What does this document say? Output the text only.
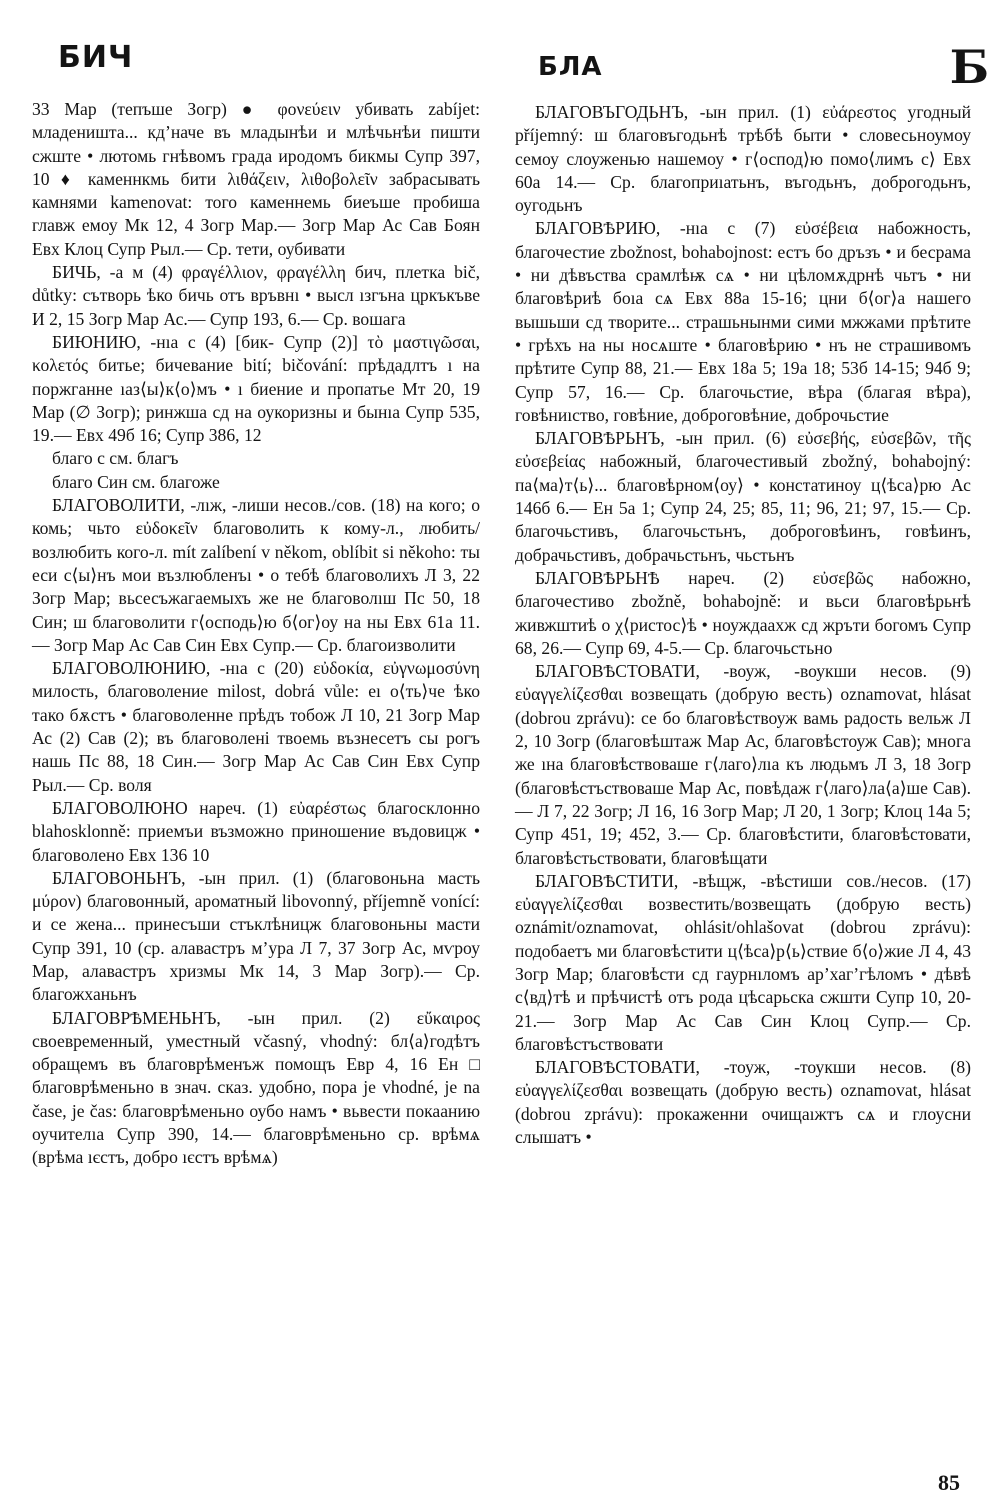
БИЧ	БЛА	Б

33 Мар (тепъше Зогр) ● φονεύειν убивать zabíjet: младеништа... кд’наче въ младынѣи и млѣчьнѣи пишти сжште • лютомь гнѣвомъ града иродомъ бикмы Супр 397, 10 ♦ каменнкмь бити λιθάζειν, λιθοβολεῖν забрасывать камнями kamenovat: того каменнемь биеъше пробиша главж емоу Мк 12, 4 Зогр Мар.— Зогр Мар Ас Сав Боян Евх Клоц Супр Рыл.— Ср. тети, оубивати

БИЧЬ, -а м (4) φραγέλλιον, φραγέλλη бич, плетка bič, důtky: сътворь ѣко бичь отъ връвнı • высл ıзгъна цркъкъве И 2, 15 Зогр Мар Ас.— Супр 193, 6.— Ср. вошага

БИЮНИЮ, -нıа с (4) [бик- Супр (2)] τὸ μαστιγῶσαι, κολετός битье; бичевание bití; bičování: прѣдадлтъ ı на поржганне ıаз⟨ы⟩к⟨о⟩мъ • ı биение и пропатье Мт 20, 19 Мар (∅ Зогр); ринжша сд на оукоризны и бынıа Супр 535, 19.— Евх 49б 16; Супр 386, 12

благо с см. благъ

благо Син см. благоже

БЛАГОВОЛИТИ, -лıж, -лиши несов./сов. (18) на кого; о комь; чьто εὐδοκεῖν благоволить к кому-л., любить/возлюбить кого-л. mít zalíbení v někom, oblíbit si někoho: ты еси с⟨ы⟩нъ мои възлюбленъı • о тебѣ благоволихъ Л 3, 22 Зогр Мар; вьсесъжагаемыхъ же не благоволıш Пс 50, 18 Син; ш благоволити г⟨осподь⟩ю б⟨ог⟩оу на ны Евх 61а 11.— Зогр Мар Ас Сав Син Евх Супр.— Ср. благоизволити

БЛАГОВОЛЮНИЮ, -нıа с (20) εὐδοκία, εὐγνωμοσύνη милость, благоволение milost, dobrá vůle: еı о⟨ть⟩че ѣко тако бѫстъ • благоволенне прѣдъ тобож Л 10, 21 Зогр Мар Ас (2) Сав (2); въ благоволені твоемь възнесетъ сы рогъ нашь Пс 88, 18 Син.— Зогр Мар Ас Сав Син Евх Супр Рыл.— Ср. воля

БЛАГОВОЛЮНО нареч. (1) εὐαρέστως благосклонно blahosklonně: приемъи възможно приношение въдовицж • благоволено Евх 136 10

БЛАГОВОНЬНЪ, -ын прил. (1) (благовоньна масть μύρον) благовонный, ароматный libovonný, příjemně vonící: и се жена... принесъши стъклѣницж благовоньны масти Супр 391, 10 (ср. алавастръ м’ура Л 7, 37 Зогр Ас, мѵроу Мар, алавастръ хризмы Мк 14, 3 Мар Зогр).— Ср. благожханьнъ

БЛАГОВРѢМЕНЬНЪ, -ын прил. (2) εὔκαιρος своевременный, уместный včasný, vhodný: бл⟨а⟩годѣтъ обращемъ въ благоврѣменъж помощъ Евр 4, 16 Ен □ благоврѣменьно в знач. сказ. удобно, пора je vhodné, je na čase, je čas: благоврѣменьно оубо намъ • вьвести покаанию оучителıа Супр 390, 14.— благоврѣменьно ср. врѣмѧ (врѣма ıєстъ, добро ıєстъ врѣмѧ)

БЛАГОВЪГОДЬНЪ, -ын прил. (1) εὐάρεστος угодный příjemný: ш благовъгодьнѣ трѣбѣ быти • словесьноумоу семоу слоуженью нашемоу • г⟨оспод⟩ю помо⟨лимъ с⟩ Евх 60а 14.— Ср. благоприıатьнъ, въгодьнъ, доброгодьнъ, оугодьнъ

БЛАГОВѢРИЮ, -нıа с (7) εὐσέβεια набожность, благочестие zbožnost, bohabojnost: естъ бо дръзъ • и бесрама • ни дѣвъства срамлѣѭ сѧ • ни цѣломѫдрнѣ чьтъ • ни благовѣриѣ боıа сѧ Евх 88а 15-16; цни б⟨ог⟩а нашего вышьши сд творите... страшьнынми сими мжжами прѣтите • грѣхъ на ны носѧште • благовѣрию • нъ не страшивомъ прѣтите Супр 88, 21.— Евх 18а 5; 19а 18; 53б 14-15; 94б 9; Супр 57, 16.— Ср. благочьстие, вѣра (благая вѣра), говѣниıство, говѣние, доброговѣние, доброчьстие

БЛАГОВѢРЬНЪ, -ын прил. (6) εὐσεβής, εὐσεβῶν, τῆς εὐσεβείας набожный, благочестивый zbožný, bohabojný: па⟨ма⟩т⟨ь⟩... благовѣрном⟨оу⟩ • констатиноу ц⟨ѣса⟩рю Ас 146б 6.— Ен 5а 1; Супр 24, 25; 85, 11; 96, 21; 97, 15.— Ср. благочьстивъ, благочьстьнъ, доброговѣинъ, говѣинъ, добрачьстивъ, добрачьстьнъ, чьстьнъ

БЛАГОВѢРЬНѢ нареч. (2) εὐσεβῶς набожно, благочестиво zbožně, bohabojně: и вьси благовѣрьнѣ живжштиѣ о χ⟨ристос⟩ѣ • ноуждаахж сд жръти богомъ Супр 68, 26.— Супр 69, 4-5.— Ср. благочьстьно

БЛАГОВѢСТОВАТИ, -воуж, -воукши несов. (9) εὐαγγελίζεσθαι возвещать (добрую весть) oznamovat, hlásat (dobrou zprávu): се бо благовѣствоуж вамь радость вельж Л 2, 10 Зогр (благовѣштаж Мар Ас, благовѣстоуж Сав); многа же ıна благовѣствоваше г⟨лаго⟩лıа къ людьмъ Л 3, 18 Зогр (благовѣстъствоваше Мар Ас, повѣдаж г⟨лаго⟩ла⟨а⟩ше Сав).— Л 7, 22 Зогр; Л 16, 16 Зогр Мар; Л 20, 1 Зогр; Клоц 14а 5; Супр 451, 19; 452, 3.— Ср. благовѣстити, благовѣстовати, благовѣстьствовати, благовѣщати

БЛАГОВѢСТИТИ, -вѣщж, -вѣстиши сов./несов. (17) εὐαγγελίζεσθαι возвестить/возвещать (добрую весть) oznámit/oznamovat, ohlásit/ohlašovat (dobrou zprávu): подобаетъ ми благовѣстити ц⟨ѣса⟩р⟨ь⟩ствие б⟨о⟩жие Л 4, 43 Зогр Мар; благовѣсти сд гаурнıломъ ар’хаг’гѣломъ • дѣвѣ с⟨вд⟩тѣ и прѣчистѣ отъ рода цѣсарьска сжшти Супр 10, 20-21.— Зогр Мар Ас Сав Син Клоц Супр.— Ср. благовѣстъствовати

БЛАГОВѢСТОВАТИ, -тоуж, -тоукши несов. (8) εὐαγγελίζεσθαι возвещать (добрую весть) oznamovat, hlásat (dobrou zprávu): прокаженни очищаıжтъ сѧ и глоусни слышатъ •

85
